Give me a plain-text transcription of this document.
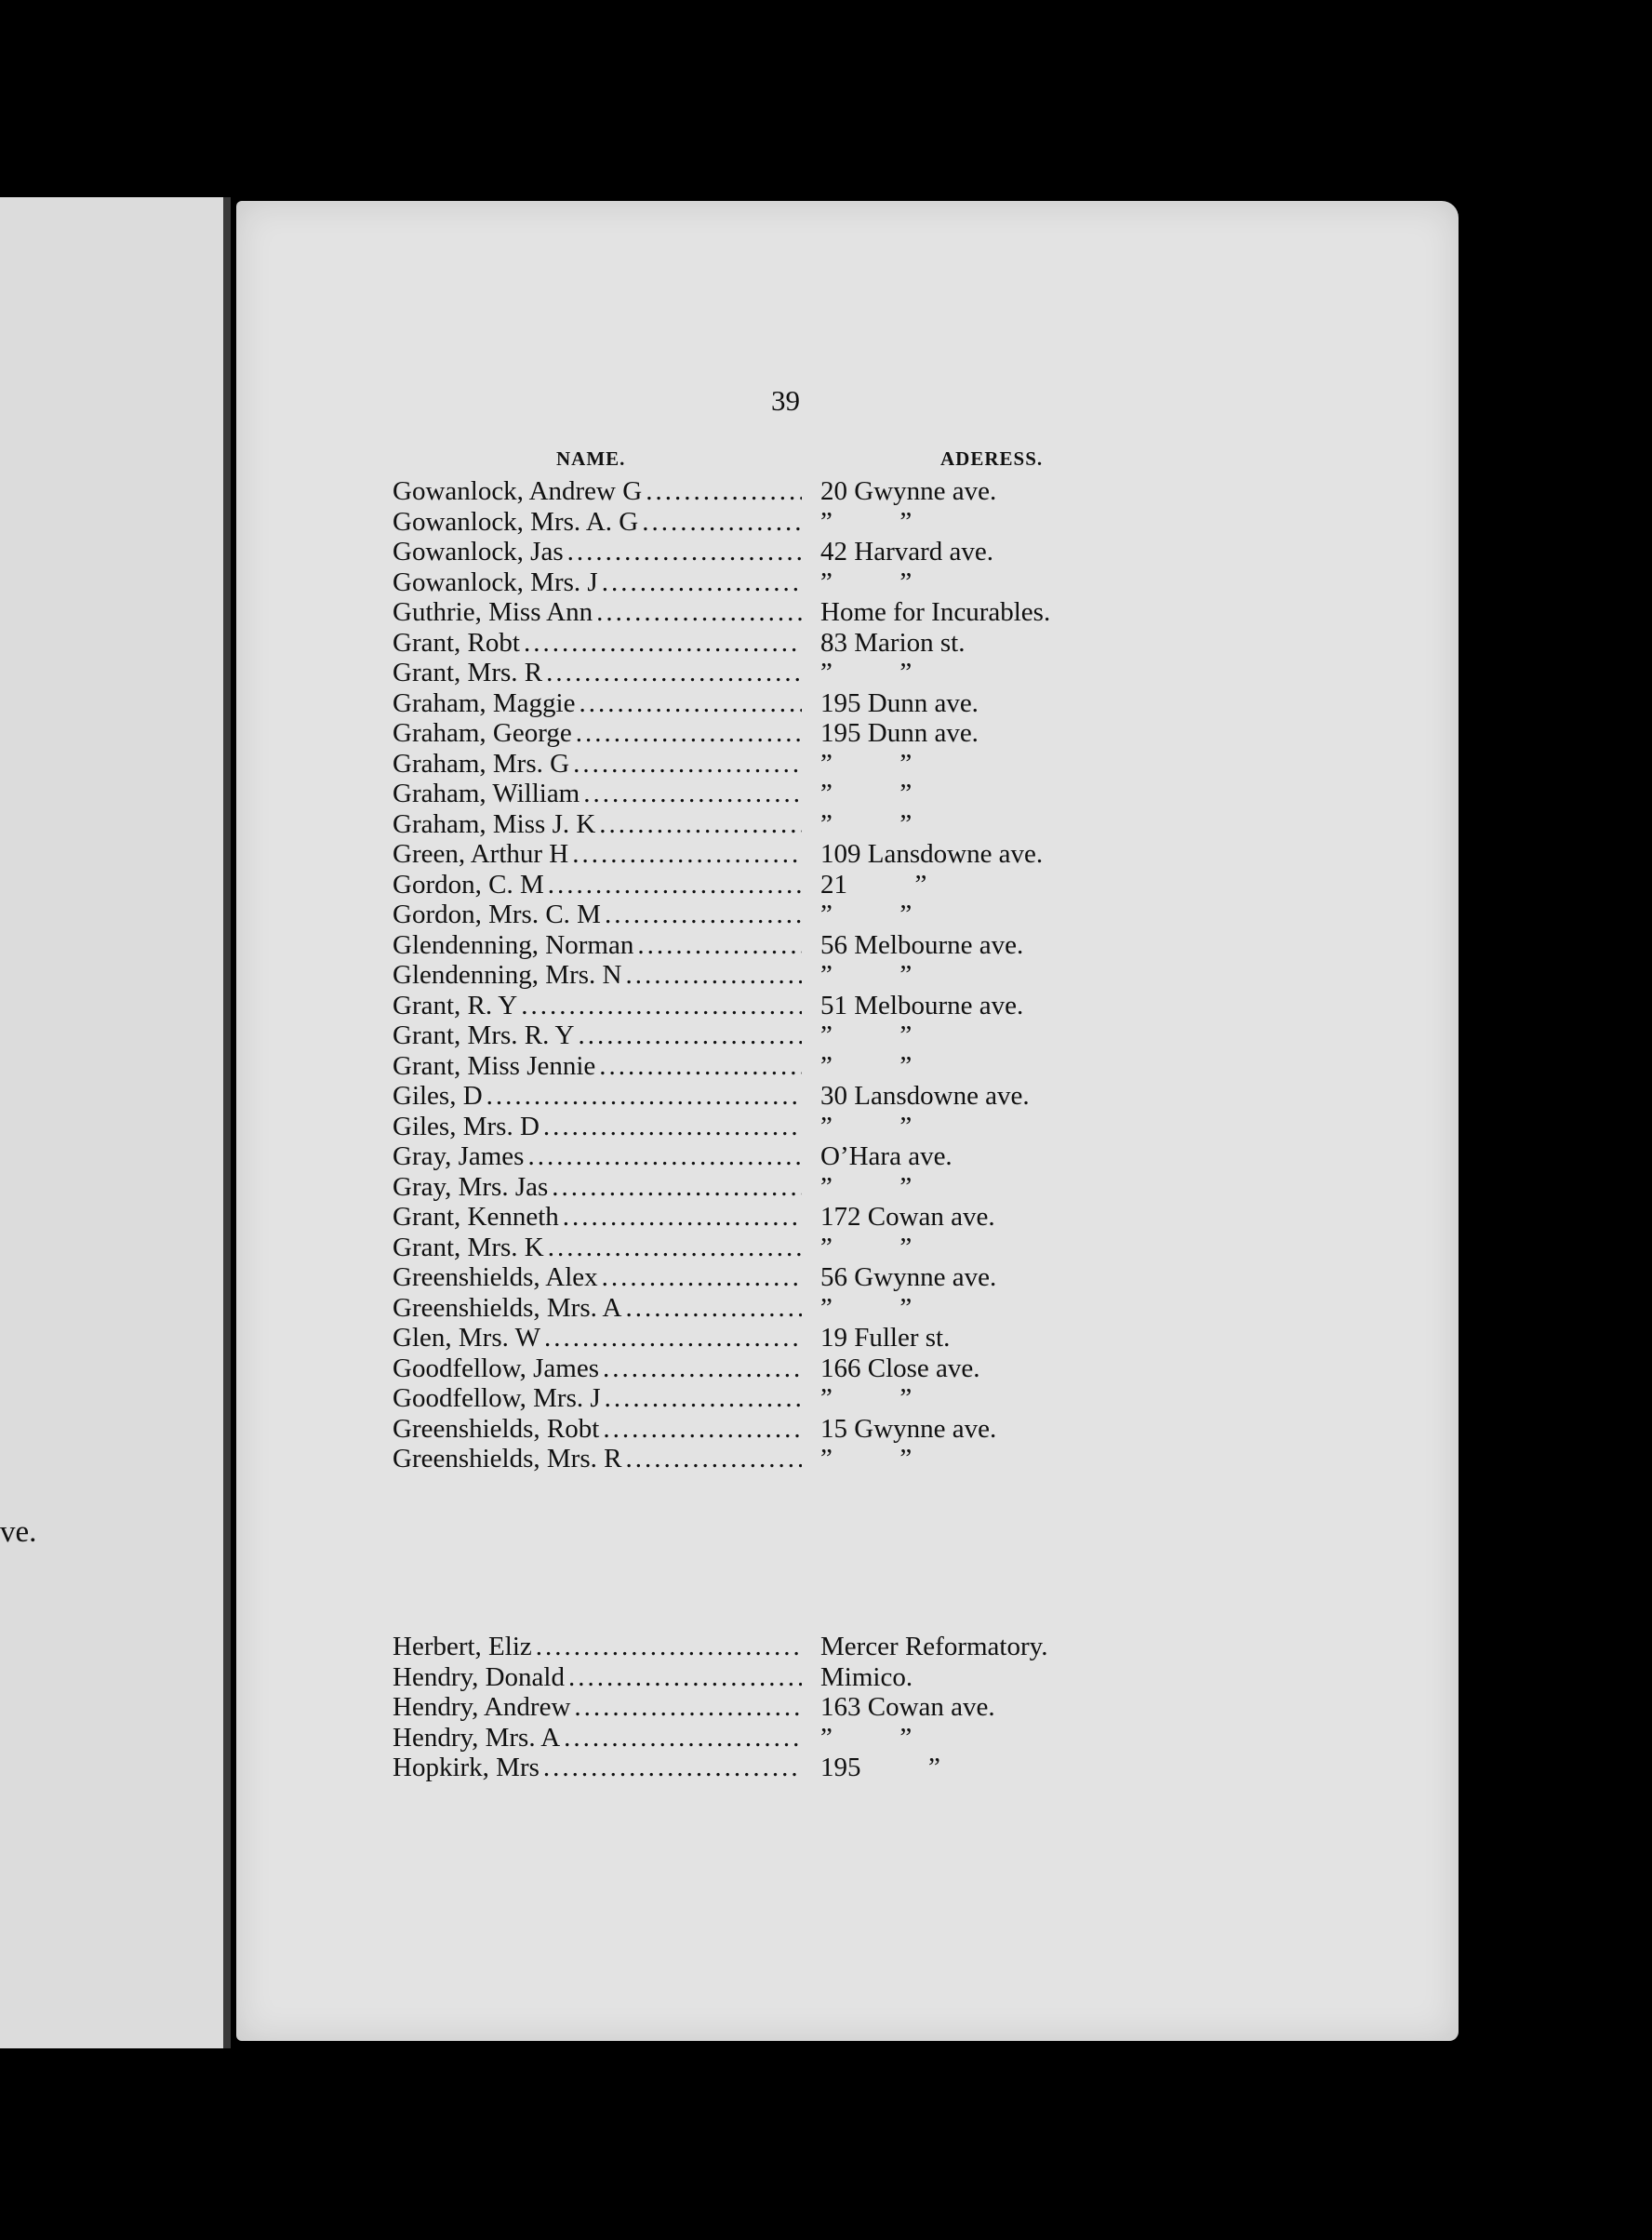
ve.
39
NAME.	ADERESS.
Gowanlock, Andrew G .....	20 Gwynne ave.
Gowanlock, Mrs. A. G .....	”          ”
Gowanlock, Jas .....	42 Harvard ave.
Gowanlock, Mrs. J .....	”          ”
Guthrie, Miss Ann .....	Home for Incurables.
Grant, Robt .....	83 Marion st.
Grant, Mrs. R .....	”          ”
Graham, Maggie .....	195 Dunn ave.
Graham, George .....	195 Dunn ave.
Graham, Mrs. G .....	”          ”
Graham, William .....	”          ”
Graham, Miss J. K .....	”          ”
Green, Arthur H .....	109 Lansdowne ave.
Gordon, C. M .....	21          ”
Gordon, Mrs. C. M .....	”          ”
Glendenning, Norman .....	56 Melbourne ave.
Glendenning, Mrs. N .....	”          ”
Grant, R. Y .....	51 Melbourne ave.
Grant, Mrs. R. Y .....	”          ”
Grant, Miss Jennie .....	”          ”
Giles, D .....	30 Lansdowne ave.
Giles, Mrs. D .....	”          ”
Gray, James .....	O’Hara ave.
Gray, Mrs. Jas .....	”          ”
Grant, Kenneth .....	172 Cowan ave.
Grant, Mrs. K .....	”          ”
Greenshields, Alex .....	56 Gwynne ave.
Greenshields, Mrs. A .....	”          ”
Glen, Mrs. W .....	19 Fuller st.
Goodfellow, James .....	166 Close ave.
Goodfellow, Mrs. J .....	”          ”
Greenshields, Robt .....	15 Gwynne ave.
Greenshields, Mrs. R .....	”          ”
Herbert, Eliz .....	Mercer Reformatory.
Hendry, Donald .....	Mimico.
Hendry, Andrew .....	163 Cowan ave.
Hendry, Mrs. A .....	”          ”
Hopkirk, Mrs .....	195          ”
